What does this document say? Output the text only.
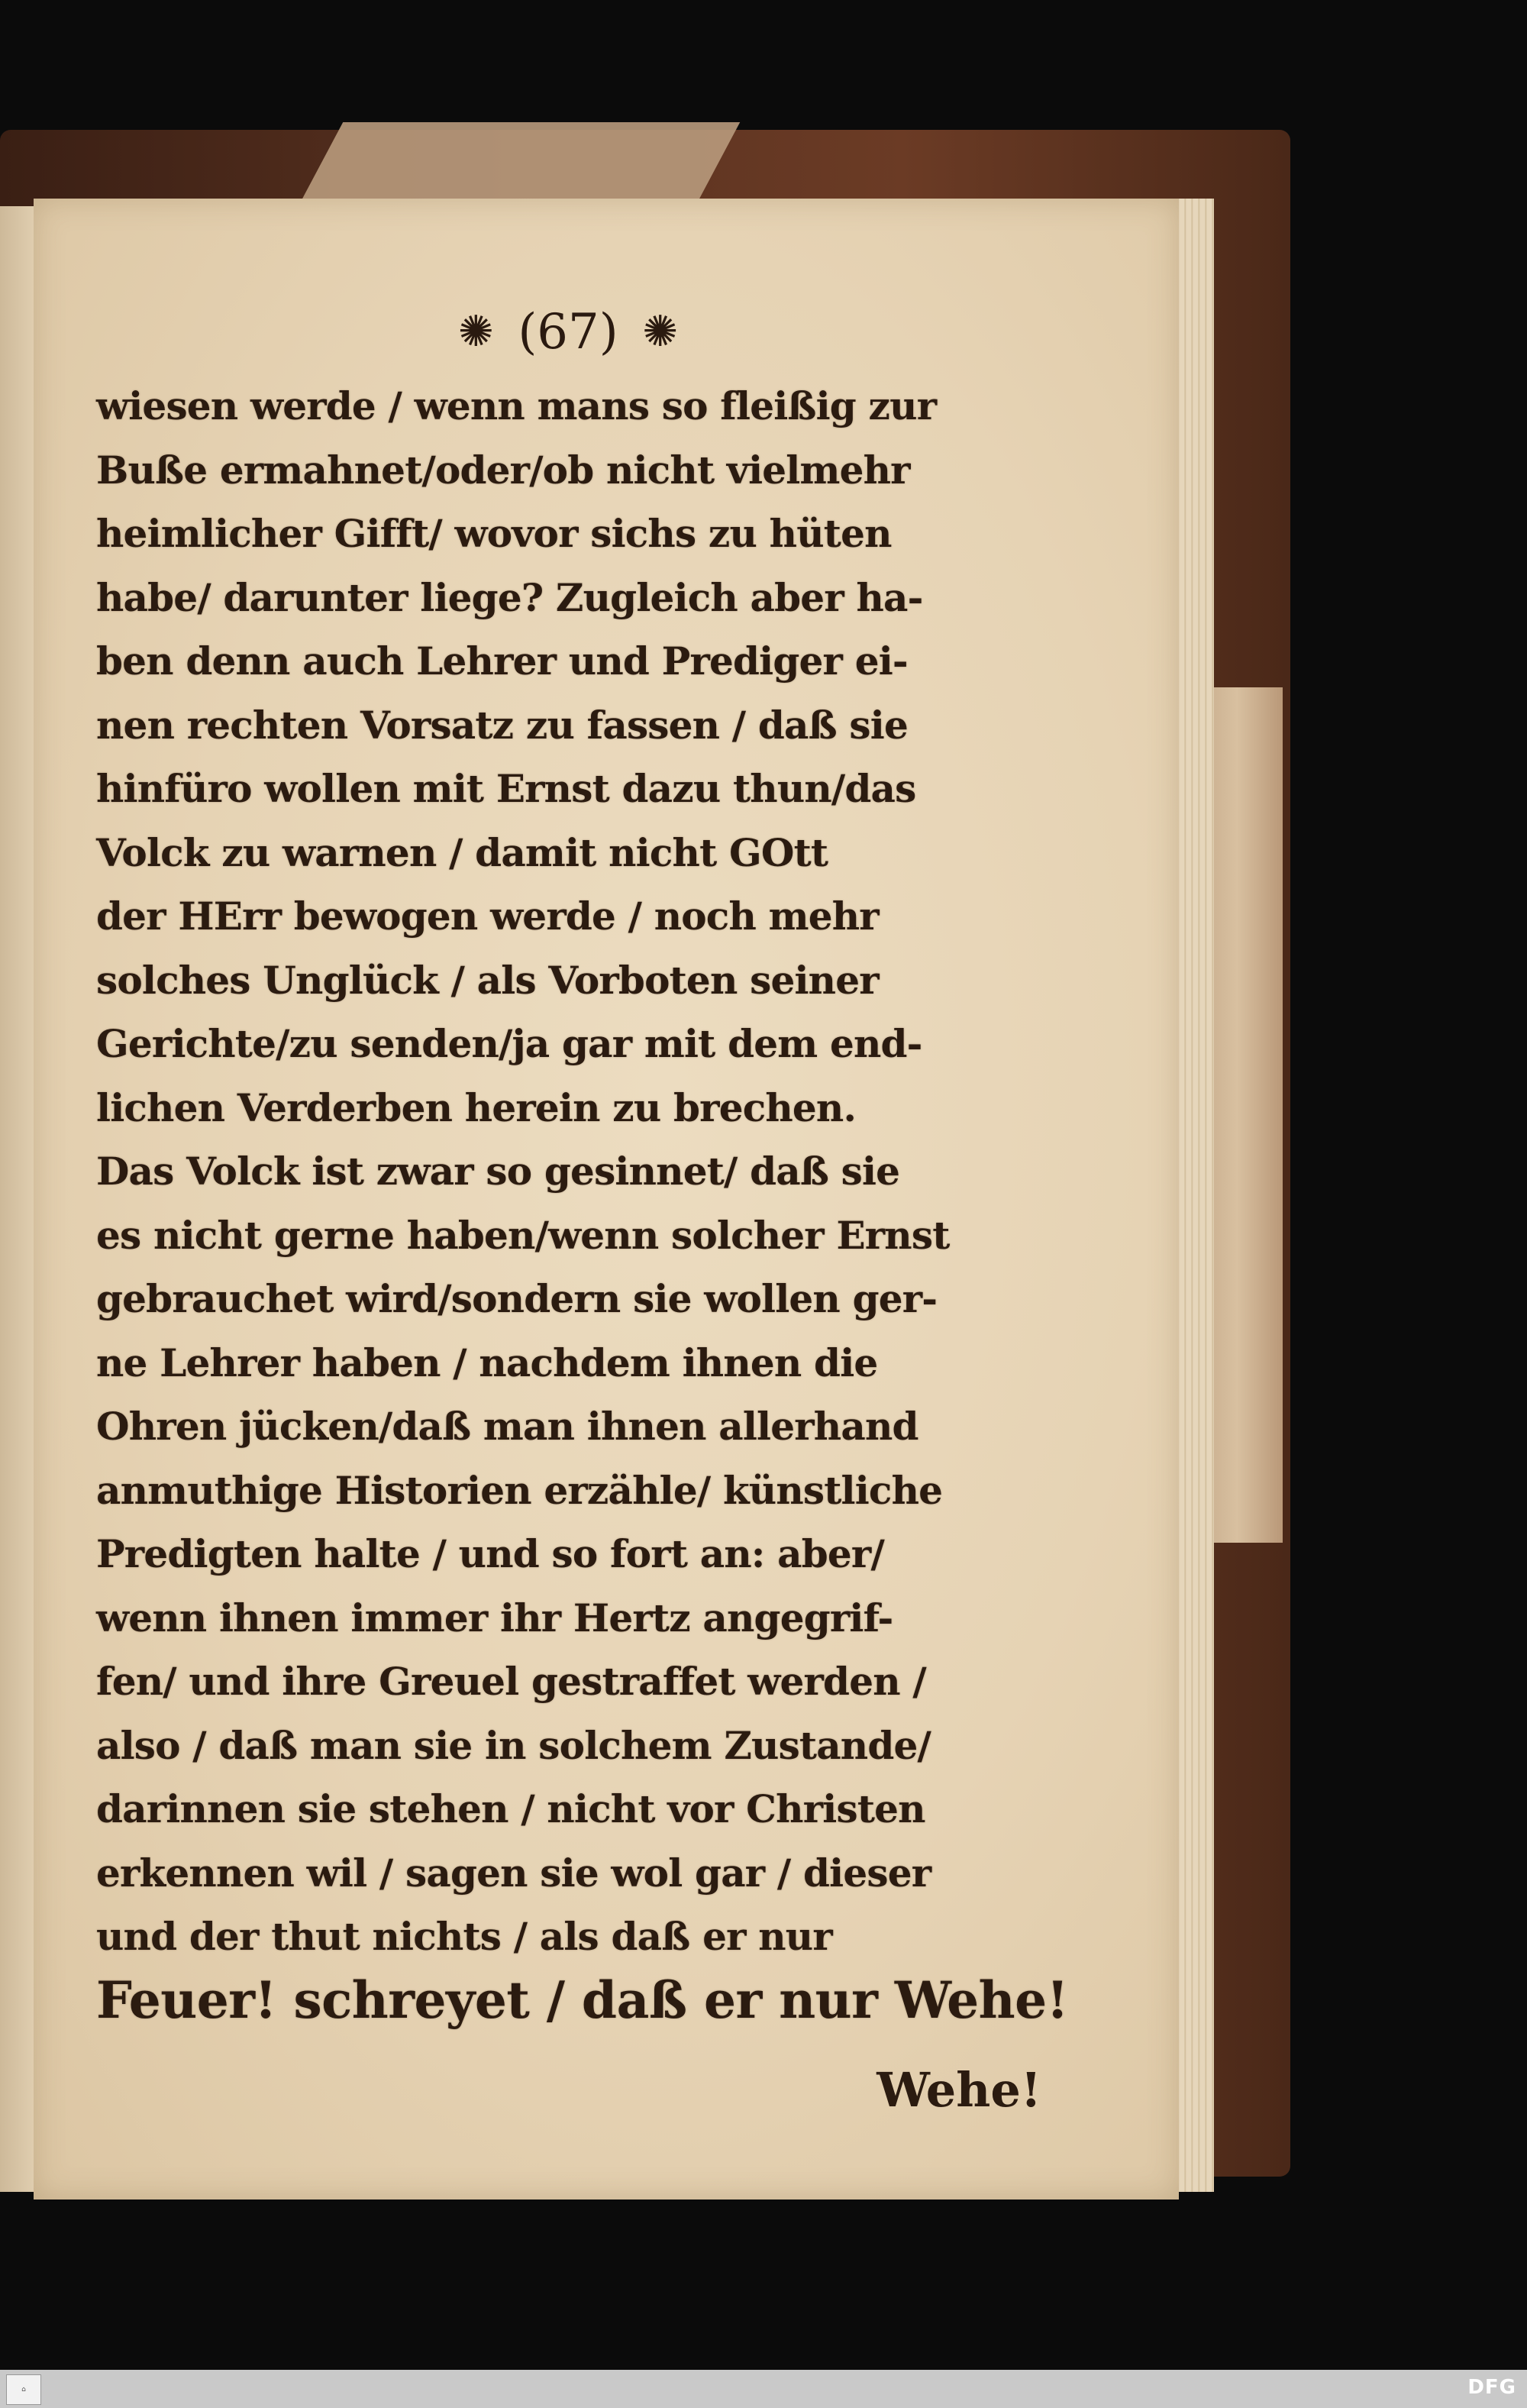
✺ (67) ✺
wiesen werde / wenn mans so fleißig zur
Buße ermahnet/oder/ob nicht vielmehr
heimlicher Gifft/ wovor sichs zu hüten
habe/ darunter liege? Zugleich aber ha-
ben denn auch Lehrer und Prediger ei-
nen rechten Vorsatz zu fassen / daß sie
hinfüro wollen mit Ernst dazu thun/das
Volck zu warnen / damit nicht GOtt
der HErr bewogen werde / noch mehr
solches Unglück / als Vorboten seiner
Gerichte/zu senden/ja gar mit dem end-
lichen Verderben herein zu brechen.
Das Volck ist zwar so gesinnet/ daß sie
es nicht gerne haben/wenn solcher Ernst
gebrauchet wird/sondern sie wollen ger-
ne Lehrer haben / nachdem ihnen die
Ohren jücken/daß man ihnen allerhand
anmuthige Historien erzähle/ künstliche
Predigten halte / und so fort an: aber/
wenn ihnen immer ihr Hertz angegrif-
fen/ und ihre Greuel gestraffet werden /
also / daß man sie in solchem Zustande/
darinnen sie stehen / nicht vor Christen
erkennen wil / sagen sie wol gar / dieser
und der thut nichts / als daß er nur
Feuer! schreyet / daß er nur Wehe!
Wehe!
⌂	DFG
